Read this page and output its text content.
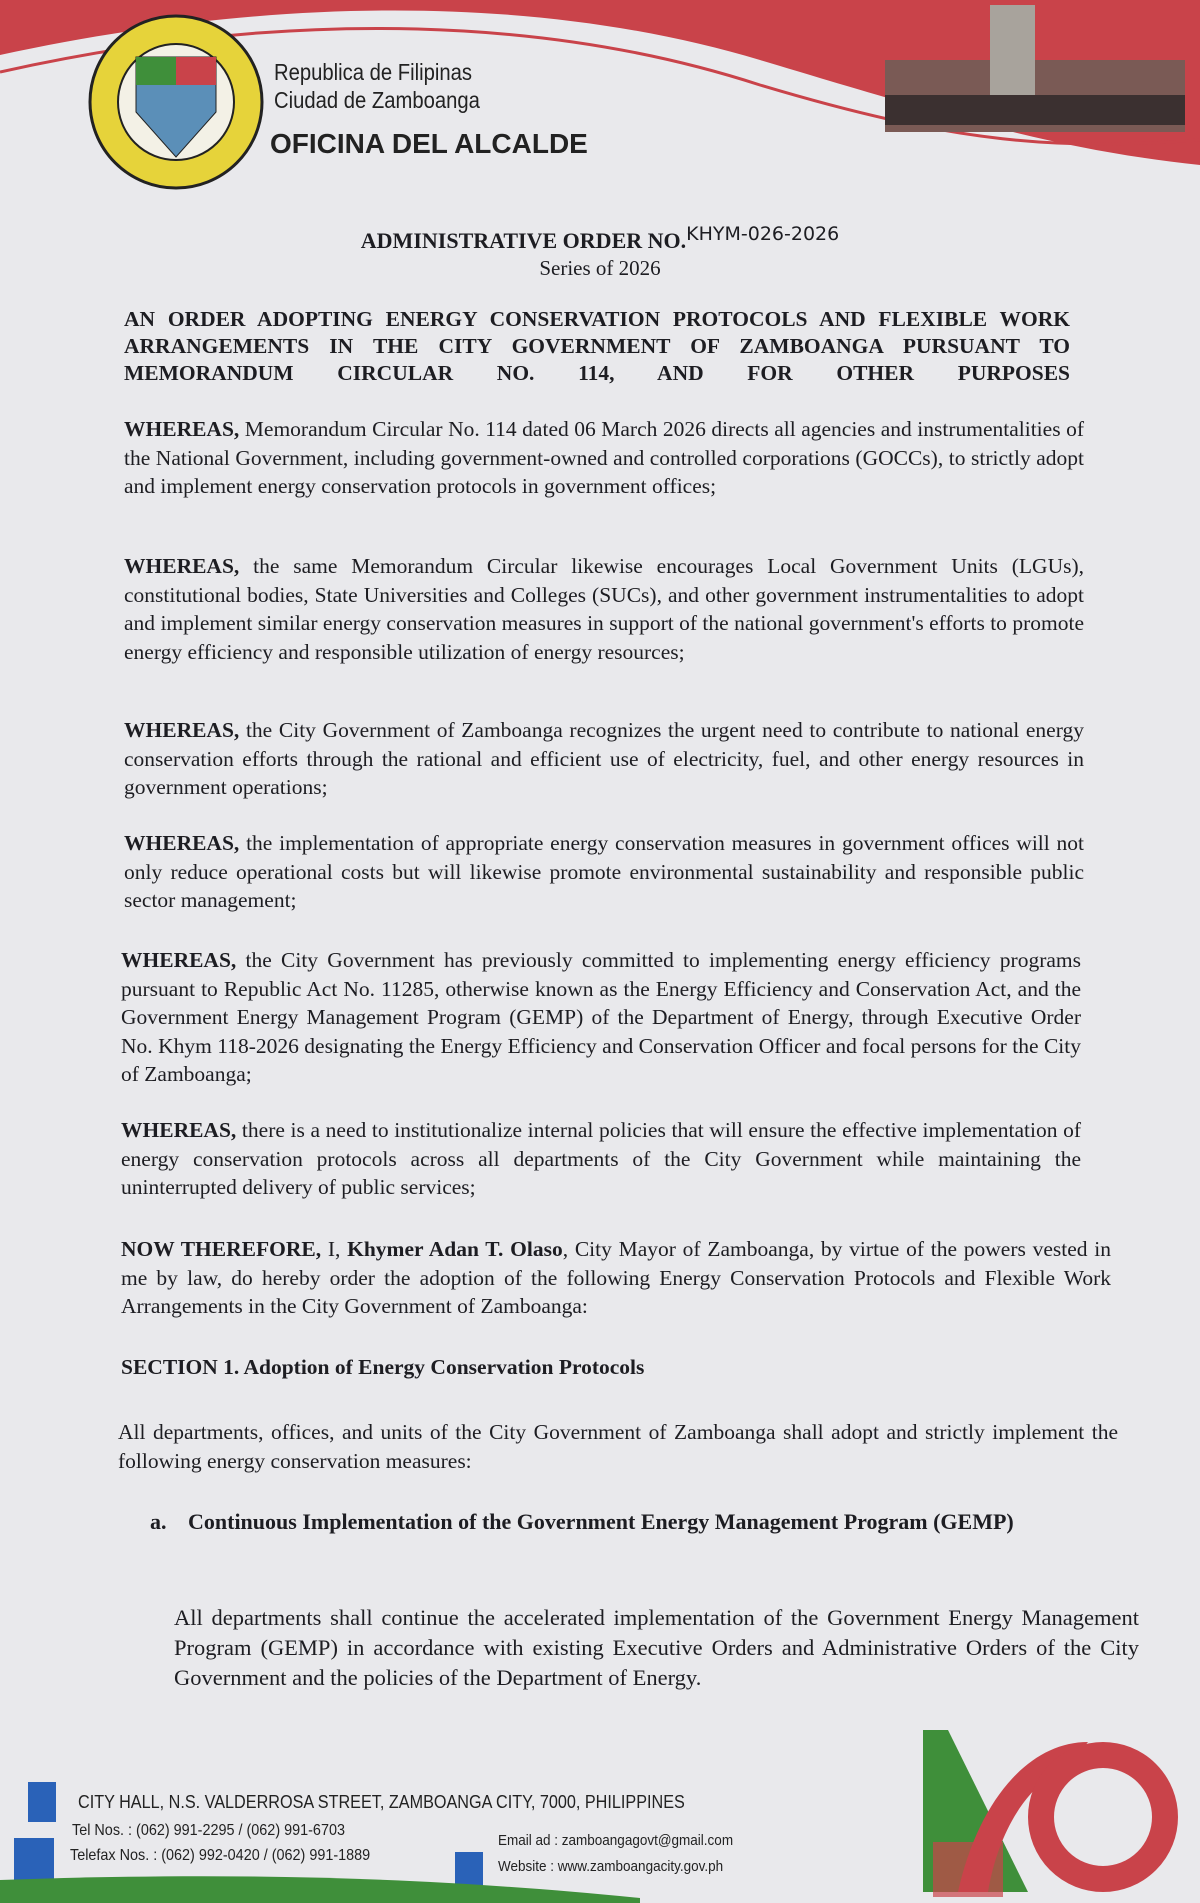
Republica de Filipinas
Ciudad de Zamboanga
OFICINA DEL ALCALDE
ADMINISTRATIVE ORDER NO.KHYM-026-2026
Series of 2026
AN ORDER ADOPTING ENERGY CONSERVATION PROTOCOLS AND FLEXIBLE WORK ARRANGEMENTS IN THE CITY GOVERNMENT OF ZAMBOANGA PURSUANT TO MEMORANDUM CIRCULAR NO. 114, AND FOR OTHER PURPOSES
WHEREAS, Memorandum Circular No. 114 dated 06 March 2026 directs all agencies and instrumentalities of the National Government, including government-owned and controlled corporations (GOCCs), to strictly adopt and implement energy conservation protocols in government offices;
WHEREAS, the same Memorandum Circular likewise encourages Local Government Units (LGUs), constitutional bodies, State Universities and Colleges (SUCs), and other government instrumentalities to adopt and implement similar energy conservation measures in support of the national government's efforts to promote energy efficiency and responsible utilization of energy resources;
WHEREAS, the City Government of Zamboanga recognizes the urgent need to contribute to national energy conservation efforts through the rational and efficient use of electricity, fuel, and other energy resources in government operations;
WHEREAS, the implementation of appropriate energy conservation measures in government offices will not only reduce operational costs but will likewise promote environmental sustainability and responsible public sector management;
WHEREAS, the City Government has previously committed to implementing energy efficiency programs pursuant to Republic Act No. 11285, otherwise known as the Energy Efficiency and Conservation Act, and the Government Energy Management Program (GEMP) of the Department of Energy, through Executive Order No. Khym 118-2026 designating the Energy Efficiency and Conservation Officer and focal persons for the City of Zamboanga;
WHEREAS, there is a need to institutionalize internal policies that will ensure the effective implementation of energy conservation protocols across all departments of the City Government while maintaining the uninterrupted delivery of public services;
NOW THEREFORE, I, Khymer Adan T. Olaso, City Mayor of Zamboanga, by virtue of the powers vested in me by law, do hereby order the adoption of the following Energy Conservation Protocols and Flexible Work Arrangements in the City Government of Zamboanga:
SECTION 1. Adoption of Energy Conservation Protocols
All departments, offices, and units of the City Government of Zamboanga shall adopt and strictly implement the following energy conservation measures:
a. Continuous Implementation of the Government Energy Management Program (GEMP)
All departments shall continue the accelerated implementation of the Government Energy Management Program (GEMP) in accordance with existing Executive Orders and Administrative Orders of the City Government and the policies of the Department of Energy.
CITY HALL, N.S. VALDERROSA STREET, ZAMBOANGA CITY, 7000, PHILIPPINES
Tel Nos. : (062) 991-2295 / (062) 991-6703
Telefax Nos. : (062) 992-0420 / (062) 991-1889
Email ad : zamboangagovt@gmail.com
Website : www.zamboangacity.gov.ph
